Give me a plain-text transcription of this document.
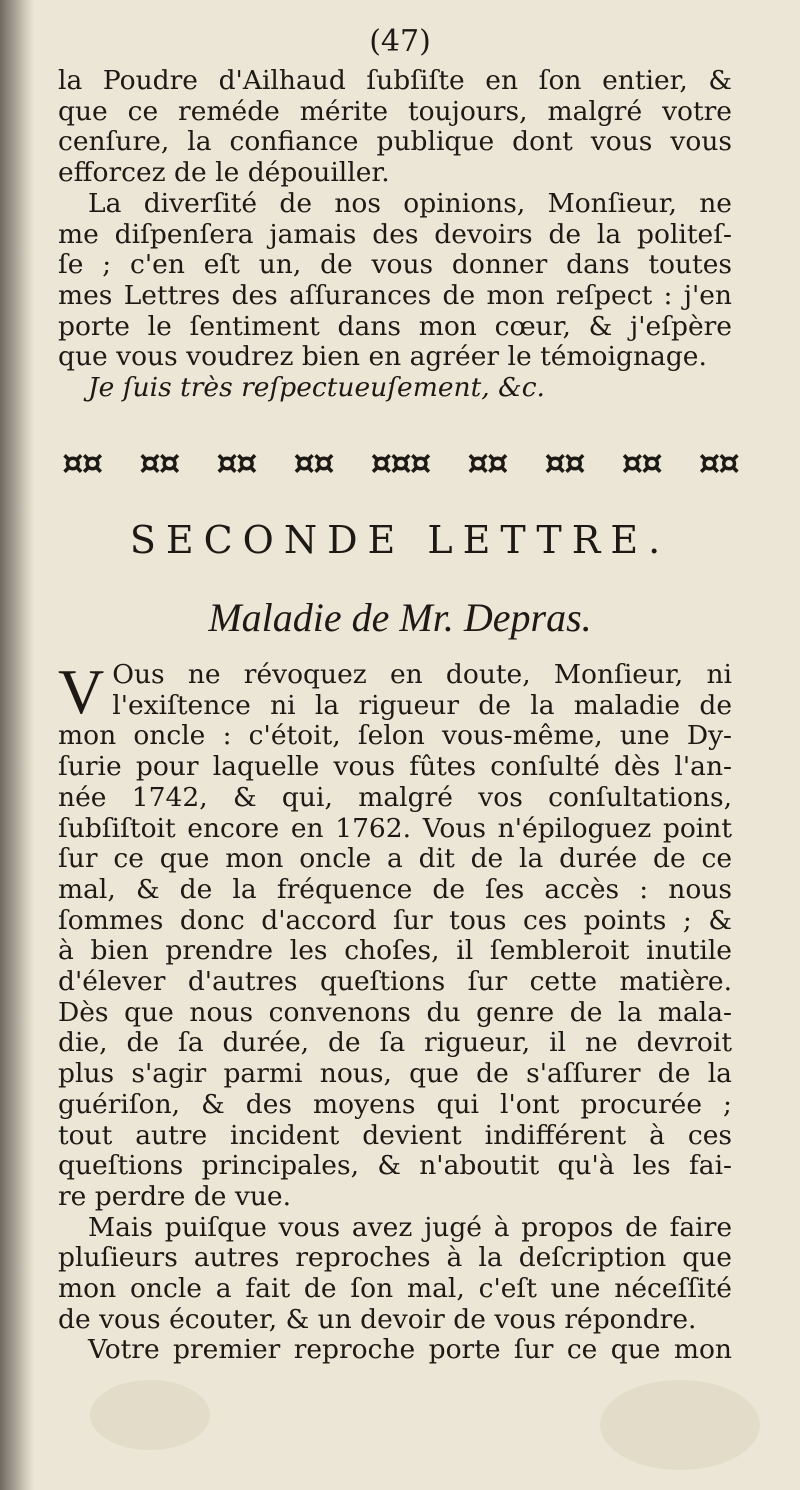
(47)

la Poudre d'Ailhaud ſubſiſte en ſon entier, &
que ce reméde mérite toujours, malgré votre
cenſure, la confiance publique dont vous vous
efforcez de le dépouiller.

La diverſité de nos opinions, Monſieur, ne
me diſpenſera jamais des devoirs de la politeſ-
ſe ; c'en eſt un, de vous donner dans toutes
mes Lettres des aſſurances de mon reſpect : j'en
porte le ſentiment dans mon cœur, & j'eſpère
que vous voudrez bien en agréer le témoignage.
Je ſuis très reſpectueuſement, &c.

¤¤ ¤¤ ¤¤ ¤¤ ¤¤¤ ¤¤ ¤¤ ¤¤ ¤¤
SECONDE LETTRE.
Maladie de Mr. Depras.

V Ous ne révoquez en doute, Monſieur, ni
l'exiſtence ni la rigueur de la maladie de
mon oncle : c'étoit, ſelon vous-même, une Dy-
ſurie pour laquelle vous fûtes conſulté dès l'an-
née 1742, & qui, malgré vos conſultations,
ſubſiſtoit encore en 1762. Vous n'épiloguez point
ſur ce que mon oncle a dit de la durée de ce
mal, & de la fréquence de ſes accès : nous
ſommes donc d'accord ſur tous ces points ; &
à bien prendre les choſes, il ſembleroit inutile
d'élever d'autres queſtions ſur cette matière.
Dès que nous convenons du genre de la mala-
die, de ſa durée, de ſa rigueur, il ne devroit
plus s'agir parmi nous, que de s'aſſurer de la
guériſon, & des moyens qui l'ont procurée ;
tout autre incident devient indifférent à ces
queſtions principales, & n'aboutit qu'à les fai-
re perdre de vue.

Mais puiſque vous avez jugé à propos de faire
pluſieurs autres reproches à la deſcription que
mon oncle a fait de ſon mal, c'eſt une néceſſité
de vous écouter, & un devoir de vous répondre.

Votre premier reproche porte ſur ce que mon
